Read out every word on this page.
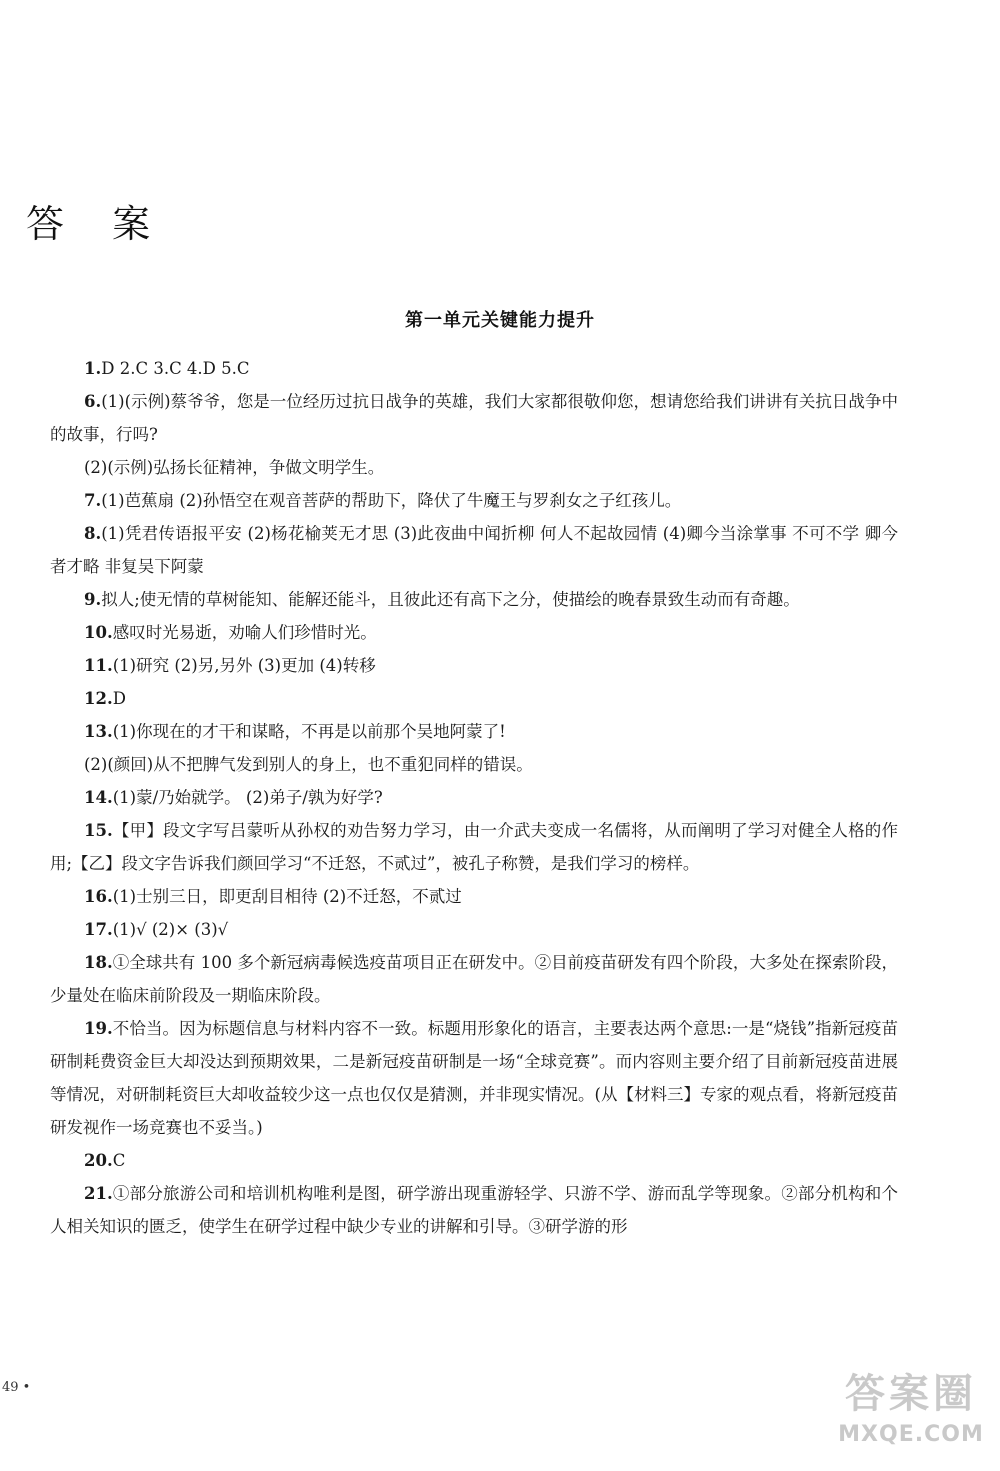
答 案
第一单元关键能力提升

1.D 2.C 3.C 4.D 5.C

6.(1)(示例)蔡爷爷，您是一位经历过抗日战争的英雄，我们大家都很敬仰您，想请您给我们讲讲有关抗日战争中的故事，行吗?

(2)(示例)弘扬长征精神，争做文明学生。

7.(1)芭蕉扇 (2)孙悟空在观音菩萨的帮助下，降伏了牛魔王与罗刹女之子红孩儿。

8.(1)凭君传语报平安 (2)杨花榆荚无才思 (3)此夜曲中闻折柳 何人不起故园情 (4)卿今当涂掌事 不可不学 卿今者才略 非复吴下阿蒙

9.拟人;使无情的草树能知、能解还能斗，且彼此还有高下之分，使描绘的晚春景致生动而有奇趣。

10.感叹时光易逝，劝喻人们珍惜时光。

11.(1)研究 (2)另,另外 (3)更加 (4)转移

12.D

13.(1)你现在的才干和谋略，不再是以前那个吴地阿蒙了!

(2)(颜回)从不把脾气发到别人的身上，也不重犯同样的错误。

14.(1)蒙/乃始就学。 (2)弟子/孰为好学?

15.【甲】段文字写吕蒙听从孙权的劝告努力学习，由一介武夫变成一名儒将，从而阐明了学习对健全人格的作用;【乙】段文字告诉我们颜回学习“不迁怒，不贰过”，被孔子称赞，是我们学习的榜样。

16.(1)士别三日，即更刮目相待 (2)不迁怒，不贰过

17.(1)√ (2)× (3)√

18.①全球共有 100 多个新冠病毒候选疫苗项目正在研发中。②目前疫苗研发有四个阶段，大多处在探索阶段，少量处在临床前阶段及一期临床阶段。

19.不恰当。因为标题信息与材料内容不一致。标题用形象化的语言，主要表达两个意思:一是“烧钱”指新冠疫苗研制耗费资金巨大却没达到预期效果，二是新冠疫苗研制是一场“全球竞赛”。而内容则主要介绍了目前新冠疫苗进展等情况，对研制耗资巨大却收益较少这一点也仅仅是猜测，并非现实情况。(从【材料三】专家的观点看，将新冠疫苗研发视作一场竞赛也不妥当。)

20.C

21.①部分旅游公司和培训机构唯利是图，研学游出现重游轻学、只游不学、游而乱学等现象。②部分机构和个人相关知识的匮乏，使学生在研学过程中缺少专业的讲解和引导。③研学游的形

49 •	答案圈
MXQE.COM
